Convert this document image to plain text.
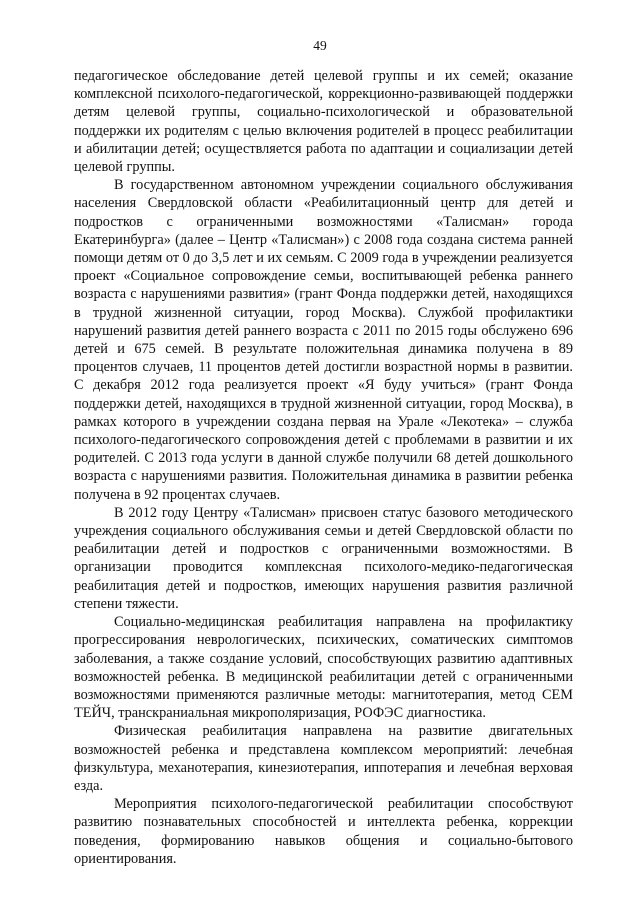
49

педагогическое обследование детей целевой группы и их семей; оказание комплексной психолого-педагогической, коррекционно-развивающей поддержки детям целевой группы, социально-психологической и образовательной поддержки их родителям с целью включения родителей в процесс реабилитации и абилитации детей; осуществляется работа по адаптации и социализации детей целевой группы.

В государственном автономном учреждении социального обслуживания населения Свердловской области «Реабилитационный центр для детей и подростков с ограниченными возможностями «Талисман» города Екатеринбурга» (далее – Центр «Талисман») с 2008 года создана система ранней помощи детям от 0 до 3,5 лет и их семьям. С 2009 года в учреждении реализуется проект «Социальное сопровождение семьи, воспитывающей ребенка раннего возраста с нарушениями развития» (грант Фонда поддержки детей, находящихся в трудной жизненной ситуации, город Москва). Службой профилактики нарушений развития детей раннего возраста с 2011 по 2015 годы обслужено 696 детей и 675 семей. В результате положительная динамика получена в 89 процентов случаев, 11 процентов детей достигли возрастной нормы в развитии. С декабря 2012 года реализуется проект «Я буду учиться» (грант Фонда поддержки детей, находящихся в трудной жизненной ситуации, город Москва), в рамках которого в учреждении создана первая на Урале «Лекотека» – служба психолого-педагогического сопровождения детей с проблемами в развитии и их родителей. С 2013 года услуги в данной службе получили 68 детей дошкольного возраста с нарушениями развития. Положительная динамика в развитии ребенка получена в 92 процентах случаев.

В 2012 году Центру «Талисман» присвоен статус базового методического учреждения социального обслуживания семьи и детей Свердловской области по реабилитации детей и подростков с ограниченными возможностями. В организации проводится комплексная психолого-медико-педагогическая реабилитация детей и подростков, имеющих нарушения развития различной степени тяжести.

Социально-медицинская реабилитация направлена на профилактику прогрессирования неврологических, психических, соматических симптомов заболевания, а также создание условий, способствующих развитию адаптивных возможностей ребенка. В медицинской реабилитации детей с ограниченными возможностями применяются различные методы: магнитотерапия, метод СЕМ ТЕЙЧ, транскраниальная микрополяризация, РОФЭС диагностика.

Физическая реабилитация направлена на развитие двигательных возможностей ребенка и представлена комплексом мероприятий: лечебная физкультура, механотерапия, кинезиотерапия, иппотерапия и лечебная верховая езда.

Мероприятия психолого-педагогической реабилитации способствуют развитию познавательных способностей и интеллекта ребенка, коррекции поведения, формированию навыков общения и социально-бытового ориентирования.
